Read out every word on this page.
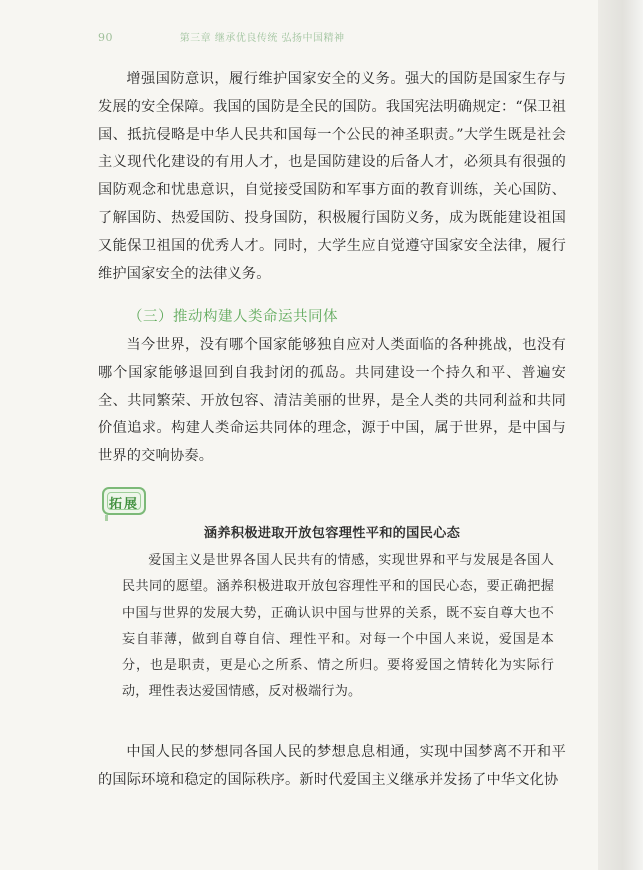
90	第三章 继承优良传统 弘扬中国精神

增强国防意识，履行维护国家安全的义务。强大的国防是国家生存与发展的安全保障。我国的国防是全民的国防。我国宪法明确规定：“保卫祖国、抵抗侵略是中华人民共和国每一个公民的神圣职责。”大学生既是社会主义现代化建设的有用人才，也是国防建设的后备人才，必须具有很强的国防观念和忧患意识，自觉接受国防和军事方面的教育训练，关心国防、了解国防、热爱国防、投身国防，积极履行国防义务，成为既能建设祖国又能保卫祖国的优秀人才。同时，大学生应自觉遵守国家安全法律，履行维护国家安全的法律义务。

（三）推动构建人类命运共同体

当今世界，没有哪个国家能够独自应对人类面临的各种挑战，也没有哪个国家能够退回到自我封闭的孤岛。共同建设一个持久和平、普遍安全、共同繁荣、开放包容、清洁美丽的世界，是全人类的共同利益和共同价值追求。构建人类命运共同体的理念，源于中国，属于世界，是中国与世界的交响协奏。

拓展
涵养积极进取开放包容理性平和的国民心态

爱国主义是世界各国人民共有的情感，实现世界和平与发展是各国人民共同的愿望。涵养积极进取开放包容理性平和的国民心态，要正确把握中国与世界的发展大势，正确认识中国与世界的关系，既不妄自尊大也不妄自菲薄，做到自尊自信、理性平和。对每一个中国人来说，爱国是本分，也是职责，更是心之所系、情之所归。要将爱国之情转化为实际行动，理性表达爱国情感，反对极端行为。

中国人民的梦想同各国人民的梦想息息相通，实现中国梦离不开和平的国际环境和稳定的国际秩序。新时代爱国主义继承并发扬了中华文化协
